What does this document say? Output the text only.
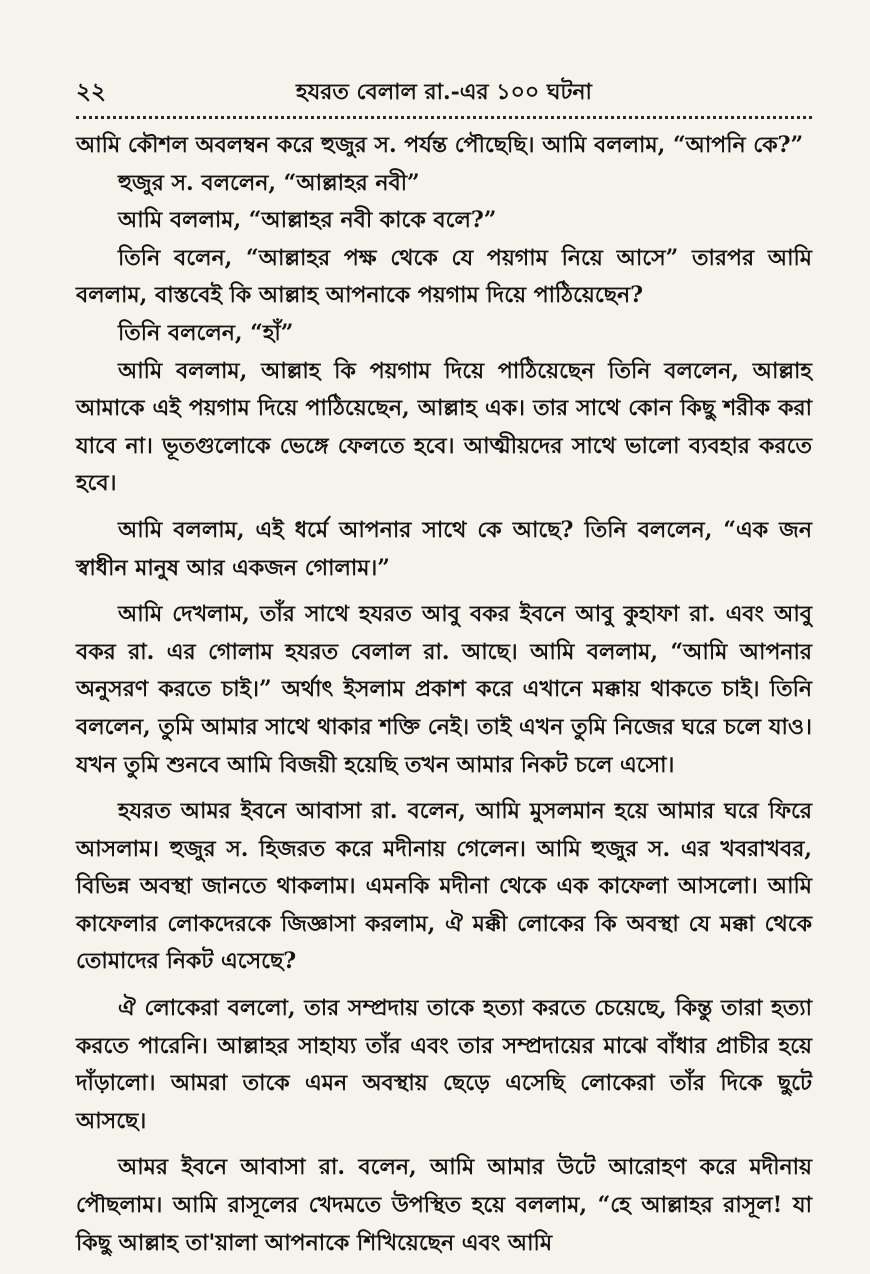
২২	হযরত বেলাল রা.-এর ১০০ ঘটনা

আমি কৌশল অবলম্বন করে হুজুর স. পর্যন্ত পৌছেছি। আমি বললাম, “আপনি কে?”

হুজুর স. বললেন, “আল্লাহর নবী”

আমি বললাম, “আল্লাহর নবী কাকে বলে?”

তিনি বলেন, “আল্লাহর পক্ষ থেকে যে পয়গাম নিয়ে আসে” তারপর আমি বললাম, বাস্তবেই কি আল্লাহ আপনাকে পয়গাম দিয়ে পাঠিয়েছেন?

তিনি বললেন, “হাঁ”

আমি বললাম, আল্লাহ কি পয়গাম দিয়ে পাঠিয়েছেন তিনি বললেন, আল্লাহ আমাকে এই পয়গাম দিয়ে পাঠিয়েছেন, আল্লাহ এক। তার সাথে কোন কিছু শরীক করা যাবে না। ভূতগুলোকে ভেঙ্গে ফেলতে হবে। আত্মীয়দের সাথে ভালো ব্যবহার করতে হবে।

আমি বললাম, এই ধর্মে আপনার সাথে কে আছে? তিনি বললেন, “এক জন স্বাধীন মানুষ আর একজন গোলাম।”

আমি দেখলাম, তাঁর সাথে হযরত আবু বকর ইবনে আবু কুহাফা রা. এবং আবু বকর রা. এর গোলাম হযরত বেলাল রা. আছে। আমি বললাম, “আমি আপনার অনুসরণ করতে চাই।” অর্থাৎ ইসলাম প্রকাশ করে এখানে মক্কায় থাকতে চাই। তিনি বললেন, তুমি আমার সাথে থাকার শক্তি নেই। তাই এখন তুমি নিজের ঘরে চলে যাও। যখন তুমি শুনবে আমি বিজয়ী হয়েছি তখন আমার নিকট চলে এসো।

হযরত আমর ইবনে আবাসা রা. বলেন, আমি মুসলমান হয়ে আমার ঘরে ফিরে আসলাম। হুজুর স. হিজরত করে মদীনায় গেলেন। আমি হুজুর স. এর খবরাখবর, বিভিন্ন অবস্থা জানতে থাকলাম। এমনকি মদীনা থেকে এক কাফেলা আসলো। আমি কাফেলার লোকদেরকে জিজ্ঞাসা করলাম, ঐ মক্কী লোকের কি অবস্থা যে মক্কা থেকে তোমাদের নিকট এসেছে?

ঐ লোকেরা বললো, তার সম্প্রদায় তাকে হত্যা করতে চেয়েছে, কিন্তু তারা হত্যা করতে পারেনি। আল্লাহর সাহায্য তাঁর এবং তার সম্প্রদায়ের মাঝে বাঁধার প্রাচীর হয়ে দাঁড়ালো। আমরা তাকে এমন অবস্থায় ছেড়ে এসেছি লোকেরা তাঁর দিকে ছুটে আসছে।

আমর ইবনে আবাসা রা. বলেন, আমি আমার উটে আরোহণ করে মদীনায় পৌছলাম। আমি রাসূলের খেদমতে উপস্থিত হয়ে বললাম, “হে আল্লাহর রাসূল! যা কিছু আল্লাহ তা'য়ালা আপনাকে শিখিয়েছেন এবং আমি
